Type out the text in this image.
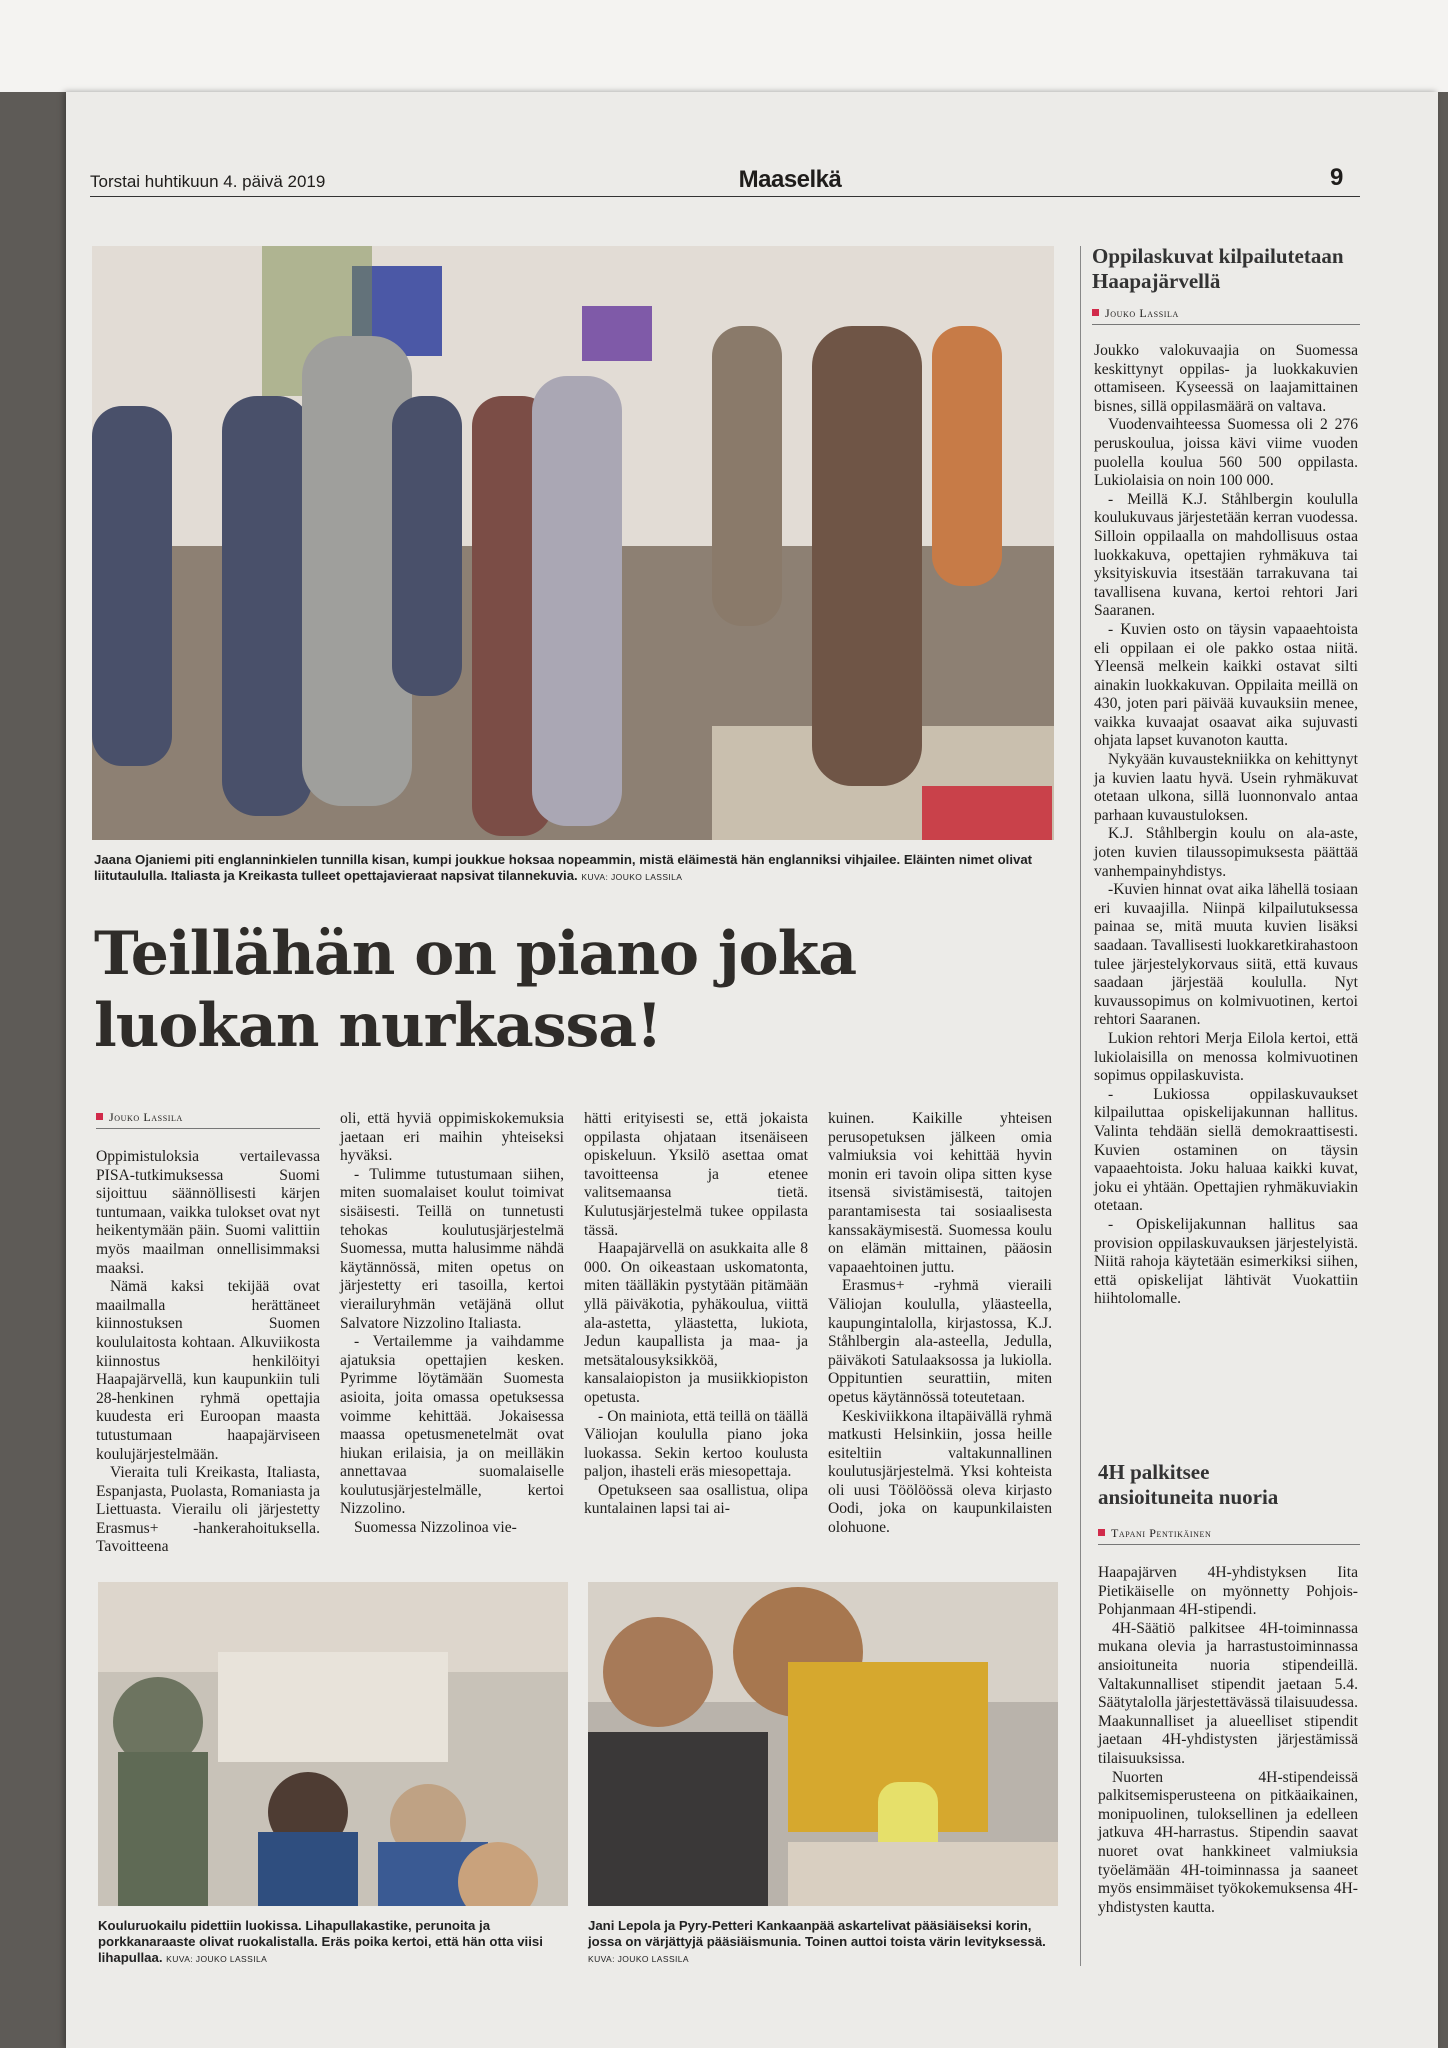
Torstai huhtikuun 4. päivä 2019	Maaselkä	9
Jaana Ojaniemi piti englanninkielen tunnilla kisan, kumpi joukkue hoksaa nopeammin, mistä eläimestä hän englanniksi vihjailee. Eläinten nimet olivat liitutaululla. Italiasta ja Kreikasta tulleet opettajavieraat napsivat tilannekuvia. KUVA: JOUKO LASSILA
Teillähän on piano joka
luokan nurkassa!
Jouko Lassila

Oppimistuloksia vertailevassa PISA-tutkimuksessa Suomi sijoittuu säännöllisesti kärjen tuntumaan, vaikka tulokset ovat nyt heikentymään päin. Suomi valittiin myös maailman onnellisimmaksi maaksi.

Nämä kaksi tekijää ovat maailmalla herättäneet kiinnostuksen Suomen koululaitosta kohtaan. Alkuviikosta kiinnostus henkilöityi Haapajärvellä, kun kaupunkiin tuli 28-henkinen ryhmä opettajia kuudesta eri Euroopan maasta tutustumaan haapajärviseen koulujärjestelmään.

Vieraita tuli Kreikasta, Italiasta, Espanjasta, Puolasta, Romaniasta ja Liettuasta. Vierailu oli järjestetty Erasmus+ -hankerahoituksella. Tavoitteena

oli, että hyviä oppimiskokemuksia jaetaan eri maihin yhteiseksi hyväksi.

- Tulimme tutustumaan siihen, miten suomalaiset koulut toimivat sisäisesti. Teillä on tunnetusti tehokas koulutusjärjestelmä Suomessa, mutta halusimme nähdä käytännössä, miten opetus on järjestetty eri tasoilla, kertoi vierailuryhmän vetäjänä ollut Salvatore Nizzolino Italiasta.

- Vertailemme ja vaihdamme ajatuksia opettajien kesken. Pyrimme löytämään Suomesta asioita, joita omassa opetuksessa voimme kehittää. Jokaisessa maassa opetusmenetelmät ovat hiukan erilaisia, ja on meilläkin annettavaa suomalaiselle koulutusjärjestelmälle, kertoi Nizzolino.

Suomessa Nizzolinoa vie-

hätti erityisesti se, että jokaista oppilasta ohjataan itsenäiseen opiskeluun. Yksilö asettaa omat tavoitteensa ja etenee valitsemaansa tietä. Kulutusjärjestelmä tukee oppilasta tässä.

Haapajärvellä on asukkaita alle 8 000. On oikeastaan uskomatonta, miten täälläkin pystytään pitämään yllä päiväkotia, pyhäkoulua, viittä ala-astetta, yläastetta, lukiota, Jedun kaupallista ja maa- ja metsätalousyksikköä, kansalaiopiston ja musiikkiopiston opetusta.

- On mainiota, että teillä on täällä Väliojan koululla piano joka luokassa. Sekin kertoo koulusta paljon, ihasteli eräs miesopettaja.

Opetukseen saa osallistua, olipa kuntalainen lapsi tai ai-

kuinen. Kaikille yhteisen perusopetuksen jälkeen omia valmiuksia voi kehittää hyvin monin eri tavoin olipa sitten kyse itsensä sivistämisestä, taitojen parantamisesta tai sosiaalisesta kanssakäymisestä. Suomessa koulu on elämän mittainen, pääosin vapaaehtoinen juttu.

Erasmus+ -ryhmä vieraili Väliojan koululla, yläasteella, kaupungintalolla, kirjastossa, K.J. Ståhlbergin ala-asteella, Jedulla, päiväkoti Satulaaksossa ja lukiolla. Oppituntien seurattiin, miten opetus käytännössä toteutetaan.

Keskiviikkona iltapäivällä ryhmä matkusti Helsinkiin, jossa heille esiteltiin valtakunnallinen koulutusjärjestelmä. Yksi kohteista oli uusi Töölöössä oleva kirjasto Oodi, joka on kaupunkilaisten olohuone.

Kouluruokailu pidettiin luokissa. Lihapullakastike, perunoita ja porkkanaraaste olivat ruokalistalla. Eräs poika kertoi, että hän otta viisi lihapullaa. KUVA: JOUKO LASSILA
Jani Lepola ja Pyry-Petteri Kankaanpää askartelivat pääsiäiseksi korin, jossa on värjättyjä pääsiäismunia. Toinen auttoi toista värin levityksessä. KUVA: JOUKO LASSILA
Oppilaskuvat kilpailutetaan Haapajärvellä
Jouko Lassila

Joukko valokuvaajia on Suomessa keskittynyt oppilas- ja luokkakuvien ottamiseen. Kyseessä on laajamittainen bisnes, sillä oppilasmäärä on valtava.

Vuodenvaihteessa Suomessa oli 2 276 peruskoulua, joissa kävi viime vuoden puolella koulua 560 500 oppilasta. Lukiolaisia on noin 100 000.

- Meillä K.J. Ståhlbergin koululla koulukuvaus järjestetään kerran vuodessa. Silloin oppilaalla on mahdollisuus ostaa luokkakuva, opettajien ryhmäkuva tai yksityiskuvia itsestään tarrakuvana tai tavallisena kuvana, kertoi rehtori Jari Saaranen.

- Kuvien osto on täysin vapaaehtoista eli oppilaan ei ole pakko ostaa niitä. Yleensä melkein kaikki ostavat silti ainakin luokkakuvan. Oppilaita meillä on 430, joten pari päivää kuvauksiin menee, vaikka kuvaajat osaavat aika sujuvasti ohjata lapset kuvanoton kautta.

Nykyään kuvaustekniikka on kehittynyt ja kuvien laatu hyvä. Usein ryhmäkuvat otetaan ulkona, sillä luonnonvalo antaa parhaan kuvaustuloksen.

K.J. Ståhlbergin koulu on ala-aste, joten kuvien tilaussopimuksesta päättää vanhempainyhdistys.

-Kuvien hinnat ovat aika lähellä tosiaan eri kuvaajilla. Niinpä kilpailutuksessa painaa se, mitä muuta kuvien lisäksi saadaan. Tavallisesti luokkaretkirahastoon tulee järjestelykorvaus siitä, että kuvaus saadaan järjestää koululla. Nyt kuvaussopimus on kolmivuotinen, kertoi rehtori Saaranen.

Lukion rehtori Merja Eilola kertoi, että lukiolaisilla on menossa kolmivuotinen sopimus oppilaskuvista.

- Lukiossa oppilaskuvaukset kilpailuttaa opiskelijakunnan hallitus. Valinta tehdään siellä demokraattisesti. Kuvien ostaminen on täysin vapaaehtoista. Joku haluaa kaikki kuvat, joku ei yhtään. Opettajien ryhmäkuviakin otetaan.

- Opiskelijakunnan hallitus saa provision oppilaskuvauksen järjestelyistä. Niitä rahoja käytetään esimerkiksi siihen, että opiskelijat lähtivät Vuokattiin hiihtolomalle.

4H palkitsee ansioituneita nuoria
Tapani Pentikäinen

Haapajärven 4H-yhdistyksen Iita Pietikäiselle on myönnetty Pohjois-Pohjanmaan 4H-stipendi.

4H-Säätiö palkitsee 4H-toiminnassa mukana olevia ja harrastustoiminnassa ansioituneita nuoria stipendeillä. Valtakunnalliset stipendit jaetaan 5.4. Säätytalolla järjestettävässä tilaisuudessa. Maakunnalliset ja alueelliset stipendit jaetaan 4H-yhdistysten järjestämissä tilaisuuksissa.

Nuorten 4H-stipendeissä palkitsemisperusteena on pitkäaikainen, monipuolinen, tuloksellinen ja edelleen jatkuva 4H-harrastus. Stipendin saavat nuoret ovat hankkineet valmiuksia työelämään 4H-toiminnassa ja saaneet myös ensimmäiset työkokemuksensa 4H-yhdistysten kautta.
